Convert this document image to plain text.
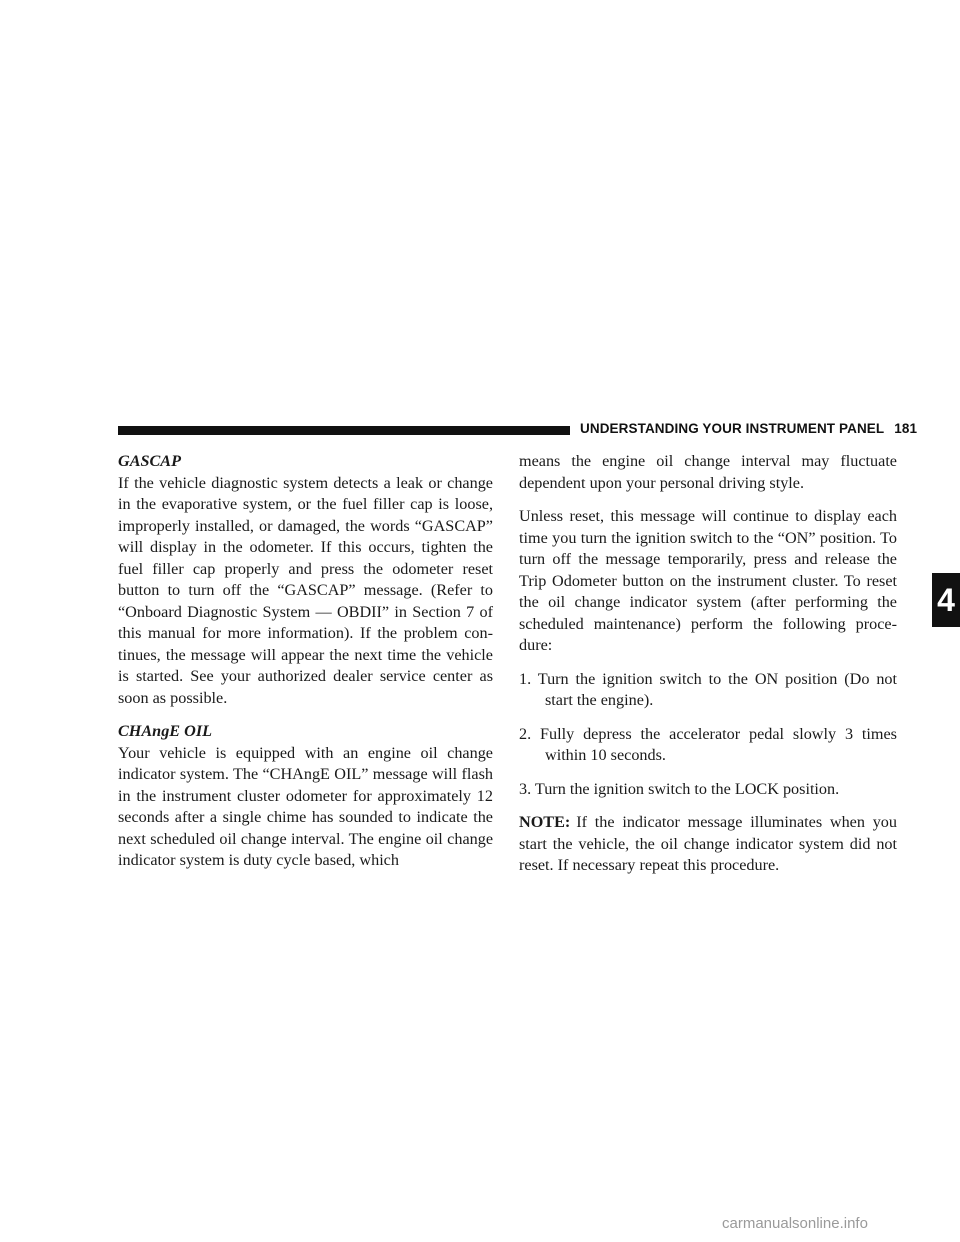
UNDERSTANDING YOUR INSTRUMENT PANEL 181
4

GASCAP

If the vehicle diagnostic system detects a leak or change in the evaporative system, or the fuel filler cap is loose, improperly installed, or damaged, the words “GASCAP” will display in the odometer. If this occurs, tighten the fuel filler cap properly and press the odometer reset button to turn off the “GASCAP” message. (Refer to “Onboard Diagnostic System — OBDII” in Section 7 of this manual for more information). If the problem con-tinues, the message will appear the next time the vehicle is started. See your authorized dealer service center as soon as possible.

CHAngE OIL

Your vehicle is equipped with an engine oil change indicator system. The “CHAngE OIL” message will flash in the instrument cluster odometer for approximately 12 seconds after a single chime has sounded to indicate the next scheduled oil change interval. The engine oil change indicator system is duty cycle based, which

means the engine oil change interval may fluctuate dependent upon your personal driving style.

Unless reset, this message will continue to display each time you turn the ignition switch to the “ON” position. To turn off the message temporarily, press and release the Trip Odometer button on the instrument cluster. To reset the oil change indicator system (after performing the scheduled maintenance) perform the following proce-dure:

1. Turn the ignition switch to the ON position (Do not start the engine).

2. Fully depress the accelerator pedal slowly 3 times within 10 seconds.

3. Turn the ignition switch to the LOCK position.

NOTE: If the indicator message illuminates when you start the vehicle, the oil change indicator system did not reset. If necessary repeat this procedure.

carmanualsonline.info
